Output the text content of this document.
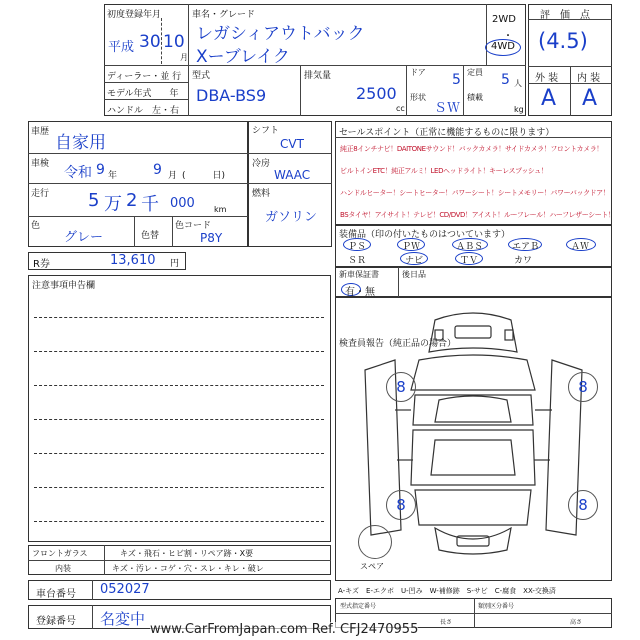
初度登録年月
平成 30 10
月
車名・グレード
レガシィアウトバック
Xーブレイク
2WD
・
4WD
ディーラー・並 行
モデル年式　　年
ハンドル　左・右
型式
DBA-BS9
排気量
2500
cc
ドア 5
形状
ＳＷ
定員 5 人
積載
kg
評　価　点
(4.5)
外 装 内 装
A A
車歴
自家用
車検
令和 9 年	9 月 (　　　日)
走行 5 万 2 千 000 km
色
グレー	色替
色コード
P8Y
シフト
CVT
冷房
WAAC
燃料
ガソリン
R券	13,610 円
セールスポイント（正常に機能するものに限ります）
純正8インチナビ！DAITONEサウンド！バックカメラ！サイドカメラ！フロントカメラ！
ビルトインETC！純正アルミ！LEDヘッドライト！キーレスプッシュ！
ハンドルヒーター！シートヒーター！パワーシート！シートメモリー！パワーバックドア！
BSタイヤ！アイサイト！テレビ！CD/DVD！アイスト！ルーフレール！ハーフレザーシート！
装備品（印の付いたものはついています）
ＰＳ	ＰＷ	ＡＢＳ	エアＢ	ＡＷ
ＳＲ	ナビ	ＴＶ	カワ
新車保証書
有・無
後日品
注意事項申告欄
検査員報告（純正品の場合）
8	8
8	8
スペア
A-キズ　E-エクボ　U-凹み　W-補修跡　S-サビ　C-腐食　XX-交換済
フロントガラス	キズ・飛石・ヒビ割・リペア跡・X要
内装	キズ・汚レ・コゲ・穴・スレ・キレ・破レ
車台番号 052027
登録番号 名変中
型式指定番号	類別区分番号
長さ	高さ
www.CarFromJapan.com Ref. CFJ2470955
